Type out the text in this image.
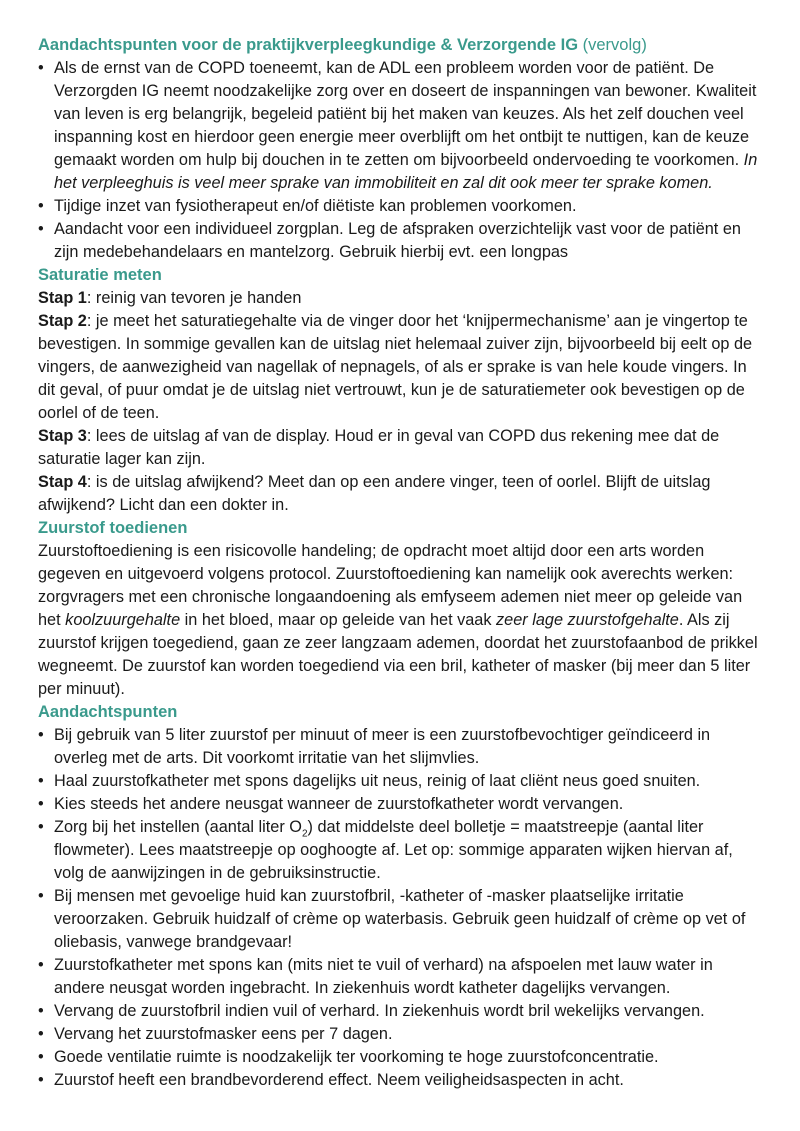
Aandachtspunten voor de praktijkverpleegkundige & Verzorgende IG (vervolg)
• Als de ernst van de COPD toeneemt, kan de ADL een probleem worden voor de patiënt. De Verzorgden IG neemt noodzakelijke zorg over en doseert de inspanningen van bewoner. Kwaliteit van leven is erg belangrijk, begeleid patiënt bij het maken van keuzes. Als het zelf douchen veel inspanning kost en hierdoor geen energie meer overblijft om het ontbijt te nuttigen, kan de keuze gemaakt worden om hulp bij douchen in te zetten om bijvoorbeeld ondervoeding te voorkomen. In het verpleeghuis is veel meer sprake van immobiliteit en zal dit ook meer ter sprake komen.
• Tijdige inzet van fysiotherapeut en/of diëtiste kan problemen voorkomen.
• Aandacht voor een individueel zorgplan. Leg de afspraken overzichtelijk vast voor de patiënt en zijn medebehandelaars en mantelzorg. Gebruik hierbij evt. een longpas
Saturatie meten

Stap 1: reinig van tevoren je handen

Stap 2: je meet het saturatiegehalte via de vinger door het ‘knijpermechanisme’ aan je vingertop te bevestigen. In sommige gevallen kan de uitslag niet helemaal zuiver zijn, bijvoorbeeld bij eelt op de vingers, de aanwezigheid van nagellak of nepnagels, of als er sprake is van hele koude vingers. In dit geval, of puur omdat je de uitslag niet vertrouwt, kun je de saturatiemeter ook bevestigen op de oorlel of de teen.

Stap 3: lees de uitslag af van de display. Houd er in geval van COPD dus rekening mee dat de saturatie lager kan zijn.

Stap 4: is de uitslag afwijkend? Meet dan op een andere vinger, teen of oorlel. Blijft de uitslag afwijkend? Licht dan een dokter in.

Zuurstof toedienen

Zuurstoftoediening is een risicovolle handeling; de opdracht moet altijd door een arts worden gegeven en uitgevoerd volgens protocol. Zuurstoftoediening kan namelijk ook averechts werken: zorgvragers met een chronische longaandoening als emfyseem ademen niet meer op geleide van het koolzuurgehalte in het bloed, maar op geleide van het vaak zeer lage zuurstofgehalte. Als zij zuurstof krijgen toegediend, gaan ze zeer langzaam ademen, doordat het zuurstofaanbod de prikkel wegneemt. De zuurstof kan worden toegediend via een bril, katheter of masker (bij meer dan 5 liter per minuut).

Aandachtspunten
• Bij gebruik van 5 liter zuurstof per minuut of meer is een zuurstofbevochtiger geïndiceerd in overleg met de arts. Dit voorkomt irritatie van het slijmvlies.
• Haal zuurstofkatheter met spons dagelijks uit neus, reinig of laat cliënt neus goed snuiten.
• Kies steeds het andere neusgat wanneer de zuurstofkatheter wordt vervangen.
• Zorg bij het instellen (aantal liter $O_2$) dat middelste deel bolletje = maatstreepje (aantal liter flowmeter). Lees maatstreepje op ooghoogte af. Let op: sommige apparaten wijken hiervan af, volg de aanwijzingen in de gebruiksinstructie.
• Bij mensen met gevoelige huid kan zuurstofbril, -katheter of -masker plaatselijke irritatie veroorzaken. Gebruik huidzalf of crème op waterbasis. Gebruik geen huidzalf of crème op vet of oliebasis, vanwege brandgevaar!
• Zuurstofkatheter met spons kan (mits niet te vuil of verhard) na afspoelen met lauw water in andere neusgat worden ingebracht. In ziekenhuis wordt katheter dagelijks vervangen.
• Vervang de zuurstofbril indien vuil of verhard. In ziekenhuis wordt bril wekelijks vervangen.
• Vervang het zuurstofmasker eens per 7 dagen.
• Goede ventilatie ruimte is noodzakelijk ter voorkoming te hoge zuurstofconcentratie.
• Zuurstof heeft een brandbevorderend effect. Neem veiligheidsaspecten in acht.
